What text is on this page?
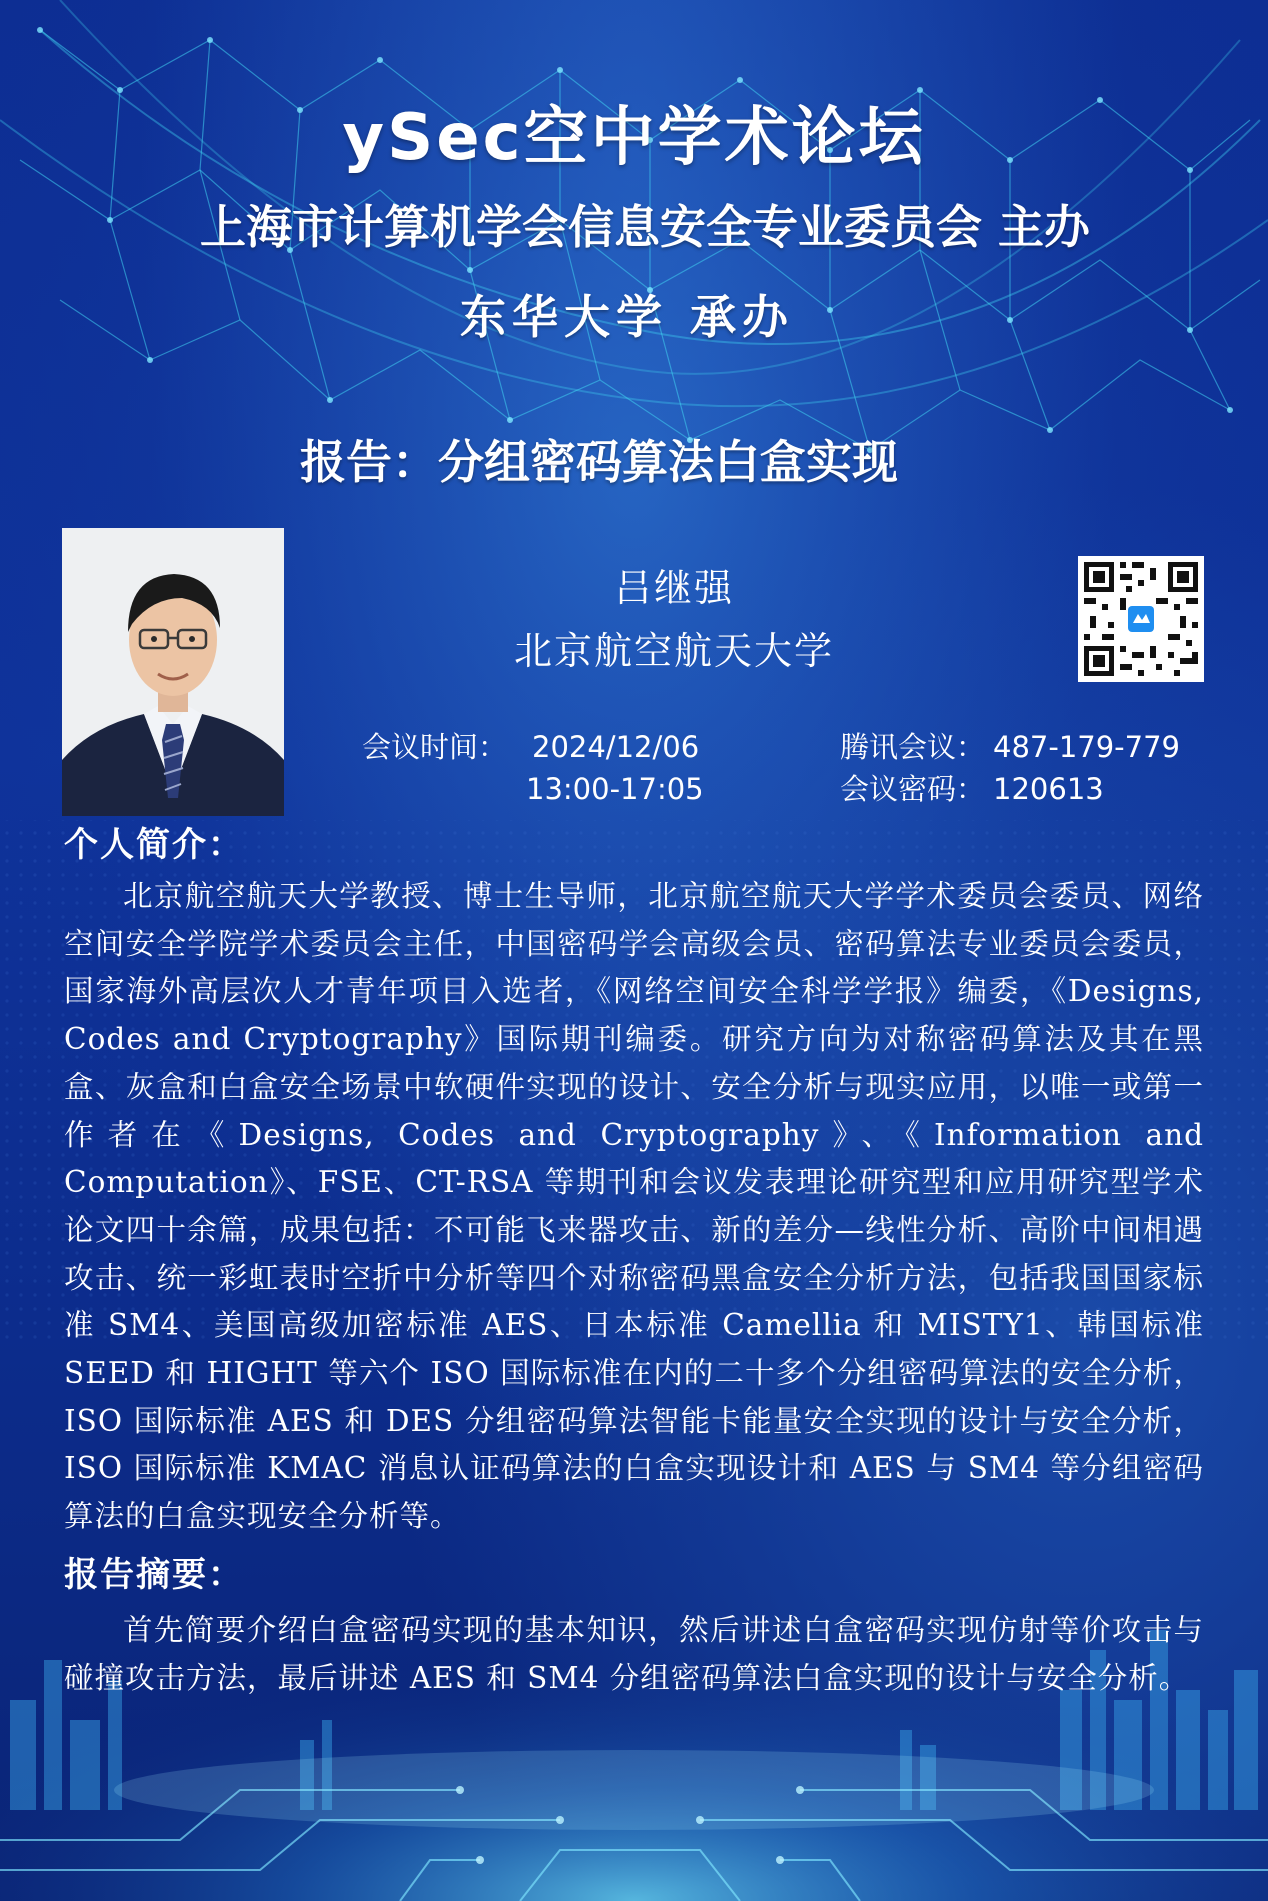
ySec空中学术论坛
上海市计算机学会信息安全专业委员会 主办
东华大学 承办
报告：分组密码算法白盒实现
吕继强
北京航空航天大学
会议时间： 2024/12/06
13:00-17:05
腾讯会议： 487-179-779
会议密码： 120613
个人简介：
北京航空航天大学教授、博士生导师，北京航空航天大学学术委员会委员、网络空间安全学院学术委员会主任，中国密码学会高级会员、密码算法专业委员会委员，国家海外高层次人才青年项目入选者，《网络空间安全科学学报》编委，《Designs, Codes and Cryptography》国际期刊编委。研究方向为对称密码算法及其在黑盒、灰盒和白盒安全场景中软硬件实现的设计、安全分析与现实应用，以唯一或第一作者在《Designs, Codes and Cryptography》、《Information and Computation》、FSE、CT-RSA 等期刊和会议发表理论研究型和应用研究型学术论文四十余篇，成果包括：不可能飞来器攻击、新的差分—线性分析、高阶中间相遇攻击、统一彩虹表时空折中分析等四个对称密码黑盒安全分析方法，包括我国国家标准 SM4、美国高级加密标准 AES、日本标准 Camellia 和 MISTY1、韩国标准 SEED 和 HIGHT 等六个 ISO 国际标准在内的二十多个分组密码算法的安全分析，ISO 国际标准 AES 和 DES 分组密码算法智能卡能量安全实现的设计与安全分析，ISO 国际标准 KMAC 消息认证码算法的白盒实现设计和 AES 与 SM4 等分组密码算法的白盒实现安全分析等。
报告摘要：
首先简要介绍白盒密码实现的基本知识，然后讲述白盒密码实现仿射等价攻击与碰撞攻击方法，最后讲述 AES 和 SM4 分组密码算法白盒实现的设计与安全分析。
